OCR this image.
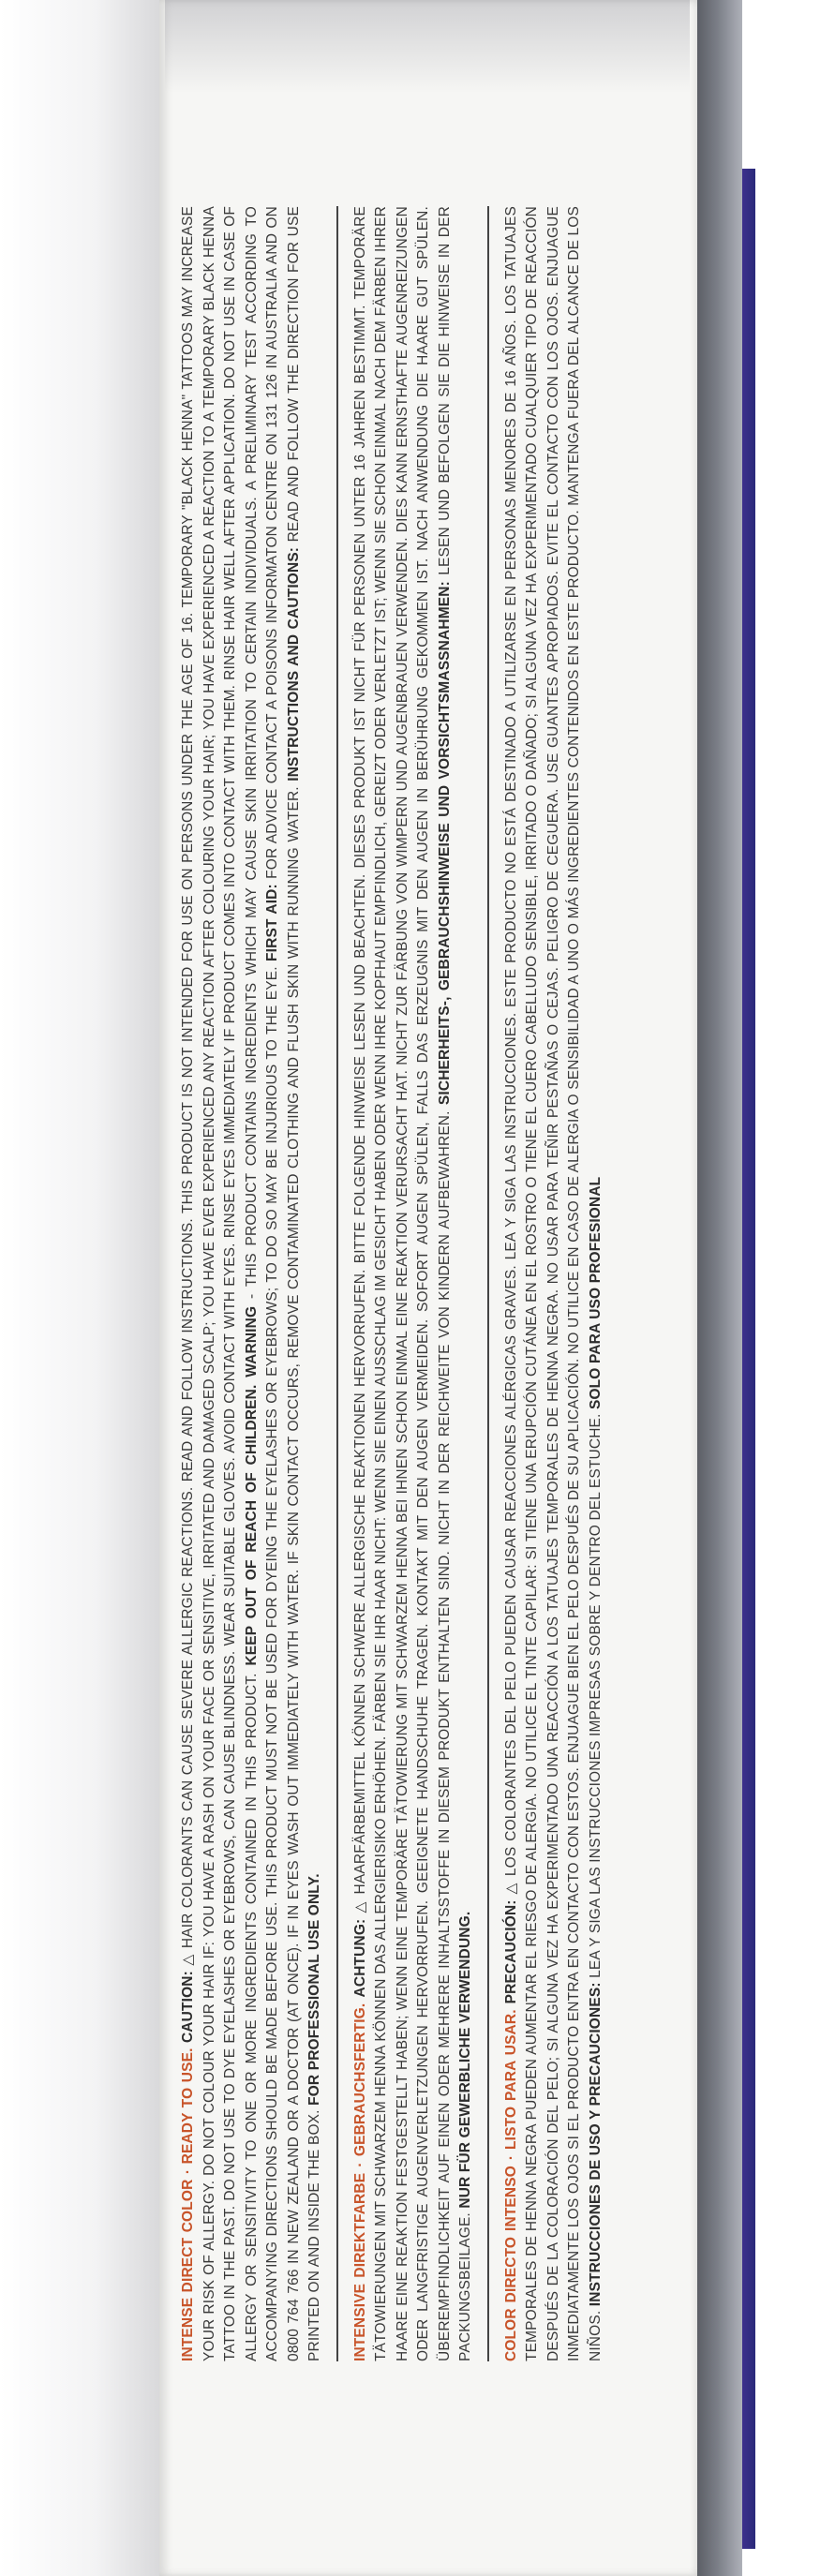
INTENSE DIRECT COLOR · READY TO USE. CAUTION: △ HAIR COLORANTS CAN CAUSE SEVERE ALLERGIC REACTIONS. READ AND FOLLOW INSTRUCTIONS. THIS PRODUCT IS NOT INTENDED FOR USE ON PERSONS UNDER THE AGE OF 16. TEMPORARY "BLACK HENNA" TATTOOS MAY INCREASE YOUR RISK OF ALLERGY. DO NOT COLOUR YOUR HAIR IF: YOU HAVE A RASH ON YOUR FACE OR SENSITIVE, IRRITATED AND DAMAGED SCALP; YOU HAVE EVER EXPERIENCED ANY REACTION AFTER COLOURING YOUR HAIR; YOU HAVE EXPERIENCED A REACTION TO A TEMPORARY BLACK HENNA TATTOO IN THE PAST. DO NOT USE TO DYE EYELASHES OR EYEBROWS, CAN CAUSE BLINDNESS. WEAR SUITABLE GLOVES. AVOID CONTACT WITH EYES. RINSE EYES IMMEDIATELY IF PRODUCT COMES INTO CONTACT WITH THEM. RINSE HAIR WELL AFTER APPLICATION. DO NOT USE IN CASE OF ALLERGY OR SENSITIVITY TO ONE OR MORE INGREDIENTS CONTAINED IN THIS PRODUCT. KEEP OUT OF REACH OF CHILDREN. WARNING - THIS PRODUCT CONTAINS INGREDIENTS WHICH MAY CAUSE SKIN IRRITATION TO CERTAIN INDIVIDUALS. A PRELIMINARY TEST ACCORDING TO ACCOMPANYING DIRECTIONS SHOULD BE MADE BEFORE USE. THIS PRODUCT MUST NOT BE USED FOR DYEING THE EYELASHES OR EYEBROWS; TO DO SO MAY BE INJURIOUS TO THE EYE. FIRST AID: FOR ADVICE CONTACT A POISONS INFORMATON CENTRE ON 131 126 IN AUSTRALIA AND ON 0800 764 766 IN NEW ZEALAND OR A DOCTOR (AT ONCE). IF IN EYES WASH OUT IMMEDIATELY WITH WATER. IF SKIN CONTACT OCCURS, REMOVE CONTAMINATED CLOTHING AND FLUSH SKIN WITH RUNNING WATER. INSTRUCTIONS AND CAUTIONS: READ AND FOLLOW THE DIRECTION FOR USE PRINTED ON AND INSIDE THE BOX. FOR PROFESSIONAL USE ONLY.

INTENSIVE DIREKTFARBE · GEBRAUCHSFERTIG. ACHTUNG: △ HAARFÄRBEMITTEL KÖNNEN SCHWERE ALLERGISCHE REAKTIONEN HERVORRUFEN. BITTE FOLGENDE HINWEISE LESEN UND BEACHTEN. DIESES PRODUKT IST NICHT FÜR PERSONEN UNTER 16 JAHREN BESTIMMT. TEMPORÄRE TÄTOWIERUNGEN MIT SCHWARZEM HENNA KÖNNEN DAS ALLERGIERISIKO ERHÖHEN. FÄRBEN SIE IHR HAAR NICHT: WENN SIE EINEN AUSSCHLAG IM GESICHT HABEN ODER WENN IHRE KOPFHAUT EMPFINDLICH, GEREIZT ODER VERLETZT IST; WENN SIE SCHON EINMAL NACH DEM FÄRBEN IHRER HAARE EINE REAKTION FESTGESTELLT HABEN; WENN EINE TEMPORÄRE TÄTOWIERUNG MIT SCHWARZEM HENNA BEI IHNEN SCHON EINMAL EINE REAKTION VERURSACHT HAT. NICHT ZUR FÄRBUNG VON WIMPERN UND AUGENBRAUEN VERWENDEN. DIES KANN ERNSTHAFTE AUGENREIZUNGEN ODER LANGFRISTIGE AUGENVERLETZUNGEN HERVORRUFEN. GEEIGNETE HANDSCHUHE TRAGEN. KONTAKT MIT DEN AUGEN VERMEIDEN. SOFORT AUGEN SPÜLEN, FALLS DAS ERZEUGNIS MIT DEN AUGEN IN BERÜHRUNG GEKOMMEN IST. NACH ANWENDUNG DIE HAARE GUT SPÜLEN. ÜBEREMPFINDLICHKEIT AUF EINEN ODER MEHRERE INHALTSSTOFFE IN DIESEM PRODUKT ENTHALTEN SIND. NICHT IN DER REICHWEITE VON KINDERN AUFBEWAHREN. SICHERHEITS-, GEBRAUCHSHINWEISE UND VORSICHTSMASSNAHMEN: LESEN UND BEFOLGEN SIE DIE HINWEISE IN DER PACKUNGSBEILAGE. NUR FÜR GEWERBLICHE VERWENDUNG. COLOR DIRECTO INTENSO · LISTO PARA USAR. PRECAUCIÓN: △ LOS COLORANTES DEL PELO PUEDEN CAUSAR REACCIONES ALÉRGICAS GRAVES. LEA Y SIGA LAS INSTRUCCIONES. ESTE PRODUCTO NO ESTÁ DESTINADO A UTILIZARSE EN PERSONAS MENORES DE 16 AÑOS. LOS TATUAJES TEMPORALES DE HENNA NEGRA PUEDEN AUMENTAR EL RIESGO DE ALERGIA. NO UTILICE EL TINTE CAPILAR: SI TIENE UNA ERUPCIÓN CUTÁNEA EN EL ROSTRO O TIENE EL CUERO CABELLUDO SENSIBLE, IRRITADO O DAÑADO; SI ALGUNA VEZ HA EXPERIMENTADO CUALQUIER TIPO DE REACCIÓN DESPUÉS DE LA COLORACIÓN DEL PELO; SI ALGUNA VEZ HA EXPERIMENTADO UNA REACCIÓN A LOS TATUAJES TEMPORALES DE HENNA NEGRA. NO USAR PARA TEÑIR PESTAÑAS O CEJAS. PELIGRO DE CEGUERA. USE GUANTES APROPIADOS. EVITE EL CONTACTO CON LOS OJOS. ENJUAGUE INMEDIATAMENTE LOS OJOS SI EL PRODUCTO ENTRA EN CONTACTO CON ESTOS. ENJUAGUE BIEN EL PELO DESPUÉS DE SU APLICACIÓN. NO UTILICE EN CASO DE ALERGIA O SENSIBILIDAD A UNO O MÁS INGREDIENTES CONTENIDOS EN ESTE PRODUCTO. MANTENGA FUERA DEL ALCANCE DE LOS NIÑOS. INSTRUCCIONES DE USO Y PRECAUCIONES: LEA Y SIGA LAS INSTRUCCIONES IMPRESAS SOBRE Y DENTRO DEL ESTUCHE. SOLO PARA USO PROFESIONAL
